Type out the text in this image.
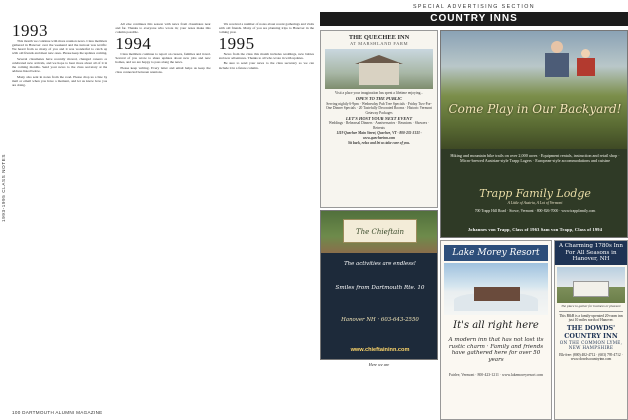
1993-1995 CLASS NOTES
1993

This month we continue with more reunion news. Class members gathered in Hanover over the weekend and the turnout was terrific. We heard from so many of you and it was wonderful to catch up with old friends and meet new ones. Please keep the updates coming.

Several classmates have recently moved, changed careers or celebrated new arrivals, and we hope to hear more about all of it in the coming months. Send your news to the class secretary at the address listed below.

Many also sent in notes from the road. Please drop us a line by mail or email when you have a moment, and let us know how you are doing.

All else continues this season with news from classmates near and far. Thanks to everyone who wrote in; your notes make this column possible.

1994

Class members continue to report on careers, families and travel. Several of you wrote to share updates about new jobs and new homes, and we are happy to pass along the news.

Please keep writing. Every letter and email helps us keep the class connected between reunions.

We received a number of notes about recent gatherings and visits with old friends. Many of you are planning trips to Hanover in the coming year.

1995

News from the class this month includes weddings, new babies and new adventures. Thanks to all who wrote in with updates.

Be sure to send your news to the class secretary so we can include it in a future column.

100 DARTMOUTH ALUMNI MAGAZINE
SPECIAL ADVERTISING SECTION
COUNTRY INNS
THE QUECHEE INN
AT MARSHLAND FARM
Visit a place your imagination has spent a lifetime enjoying...
OPEN TO THE PUBLIC
Serving nightly 6-9pm · Wednesday Pub Tree Specials · Friday Two-For-One Dinner Specials · 20 Tastefully Decorated Rooms · Historic Vermont Getaway Packages
LET'S HOST YOUR NEXT EVENT
Weddings · Rehearsal Dinners · Anniversaries · Reunions · Showers · Retreats
1119 Quechee Main Street, Quechee, VT · 800-235-3133 · www.quecheeinn.com
Sit back, relax and let us take care of you.
Come Play in Our Backyard!
Hiking and mountain bike trails on over 2,000 acres · Equipment rentals, instruction and retail shop · Micro-brewed Austrian-style Trapp Lagers · European-style accommodations and cuisine
Trapp Family Lodge
A Little of Austria, A Lot of Vermont
700 Trapp Hill Road · Stowe, Vermont · 800-826-7000 · www.trappfamily.com
Johannes von Trapp, Class of 1963 Sam von Trapp, Class of 1994
The Chieftain
The activities are endless!
Smiles from Dartmouth Rte. 10
Hanover NH · 603-643-2550
www.chieftaininn.com
Here we are
Lake Morey Resort
It's all right here
A modern inn that has not lost its rustic charm · Family and friends have gathered here for over 50 years
Fairlee, Vermont · 800-423-1211 · www.lakemoreyresort.com
A Charming 1780s Inn For All Seasons in Hanover, NH
The place to gather for business or pleasure
This B&B is a family-operated 20-room inn just 10 miles north of Hanover.
THE DOWDS' COUNTRY INN
ON THE COMMON LYME, NEW HAMPSHIRE
Elk-free: (800) 482-4712 · (603) 795-4712 · www.dowdscountryinn.com
